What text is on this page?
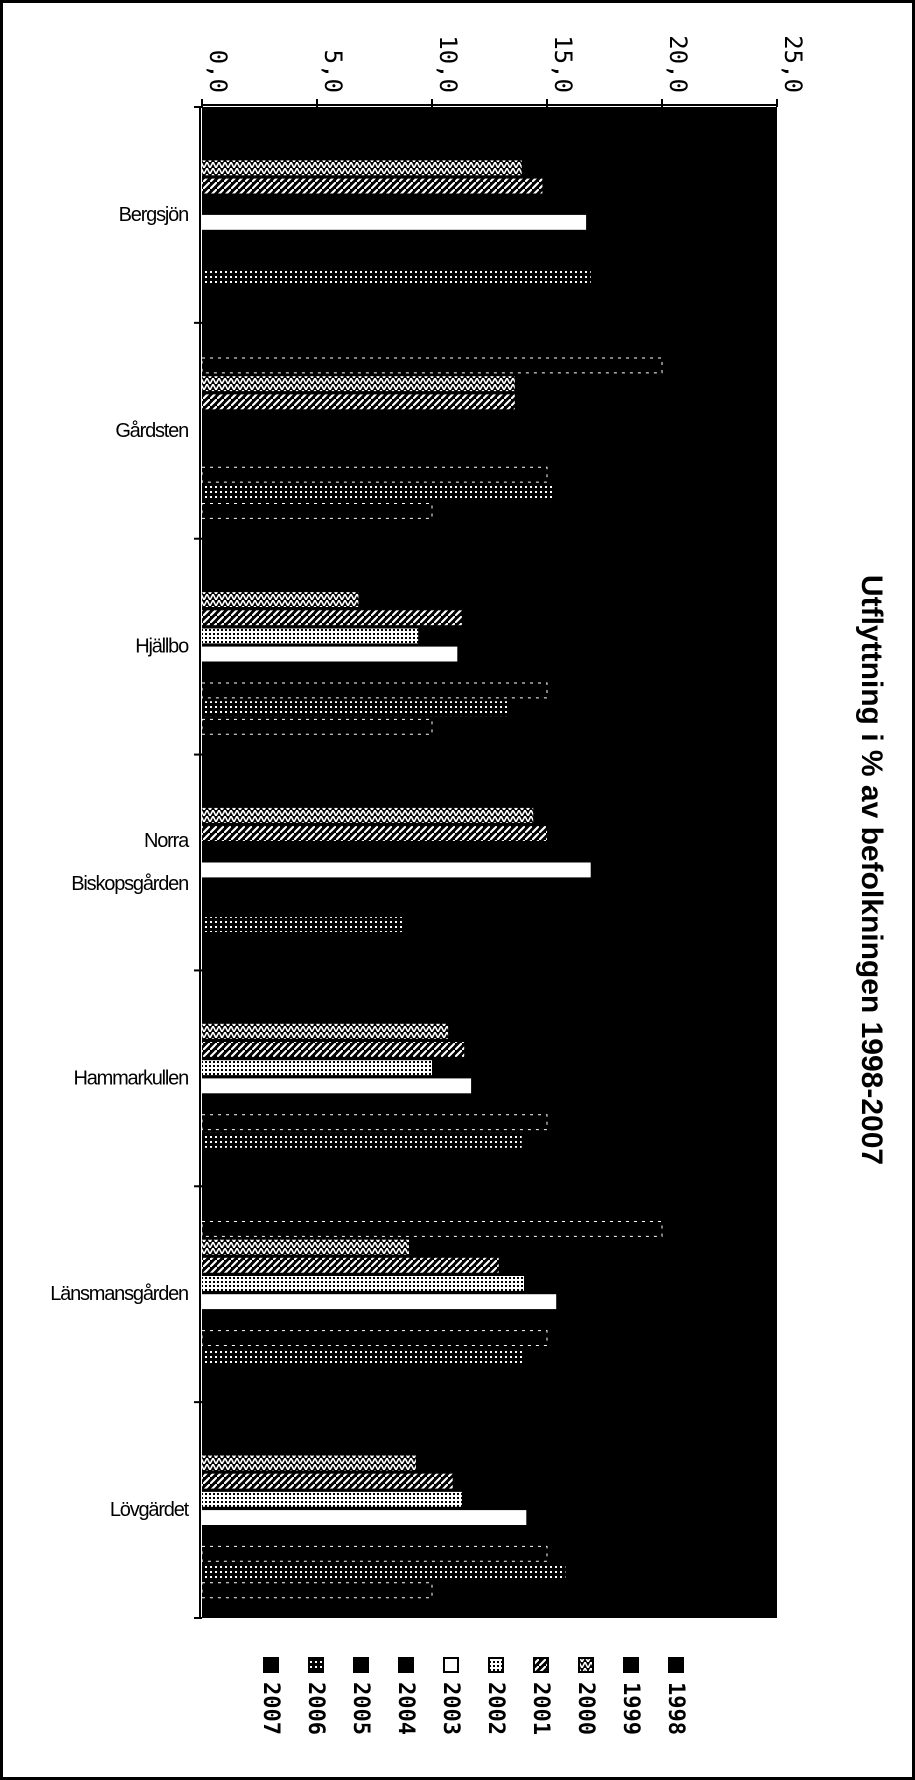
0,0	5,0	10,0	15,0	20,0	25,0
Bergsjön
Gårdsten
Hjällbo
Norra
Biskopsgården
Hammarkullen
Länsmansgården
Lövgärdet
Utflyttning i % av befolkningen 1998-2007
1998
1999
2000
2001
2002
2003
2004
2005
2006
2007
